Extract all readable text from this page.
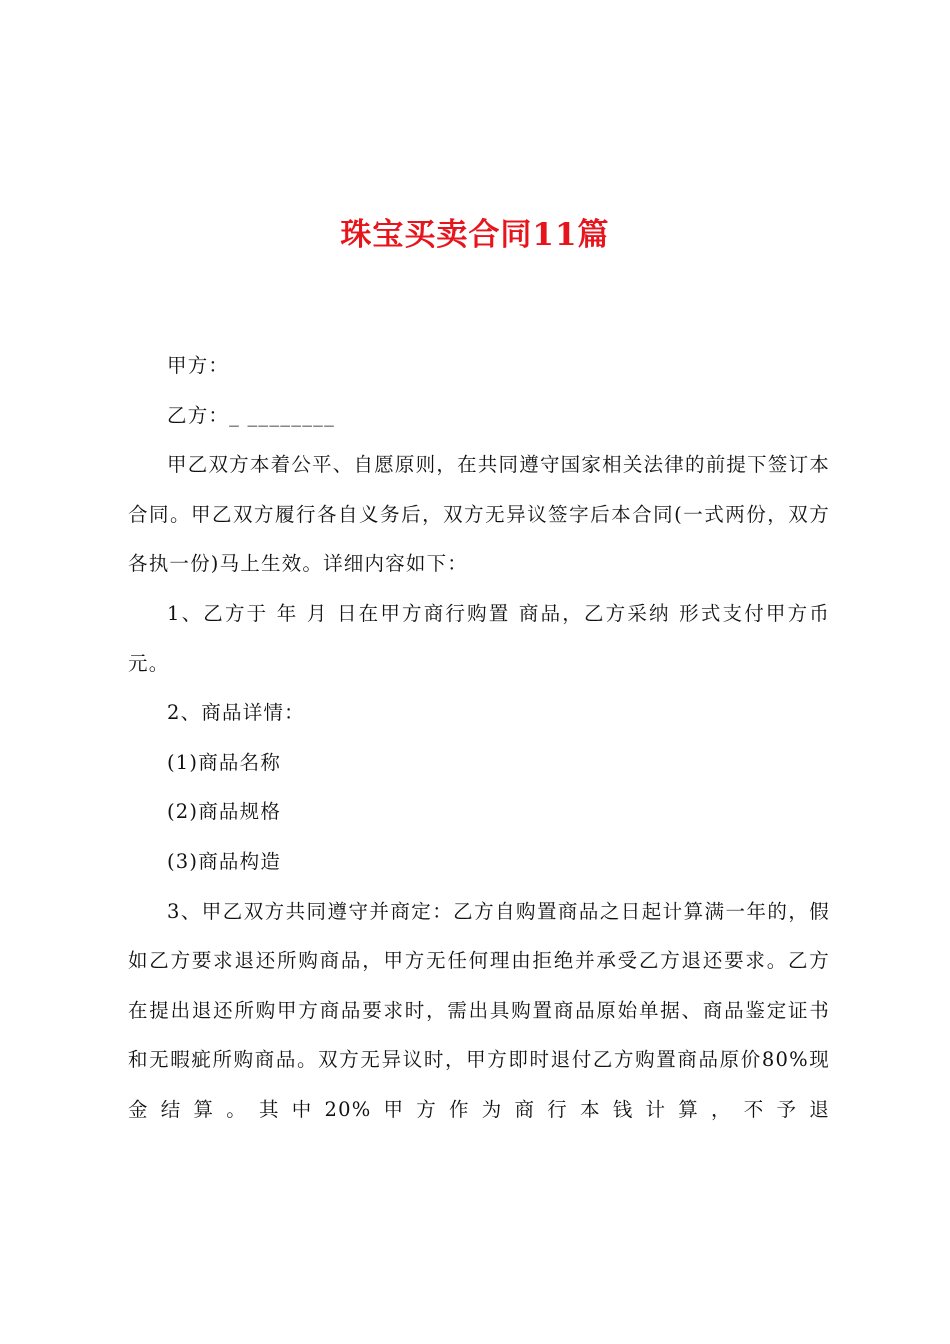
珠宝买卖合同11篇

甲方：

乙方：_ ________

甲乙双方本着公平、自愿原则，在共同遵守国家相关法律的前提下签订本合同。甲乙双方履行各自义务后，双方无异议签字后本合同(一式两份，双方各执一份)马上生效。详细内容如下：

1、乙方于 年 月 日在甲方商行购置 商品，乙方采纳 形式支付甲方币 元。

2、商品详情：

(1)商品名称

(2)商品规格

(3)商品构造

3、甲乙双方共同遵守并商定：乙方自购置商品之日起计算满一年的，假如乙方要求退还所购商品，甲方无任何理由拒绝并承受乙方退还要求。乙方在提出退还所购甲方商品要求时，需出具购置商品原始单据、商品鉴定证书和无暇疵所购商品。双方无异议时，甲方即时退付乙方购置商品原价80%现金结算。其中20%甲方作为商行本钱计算，不予退
